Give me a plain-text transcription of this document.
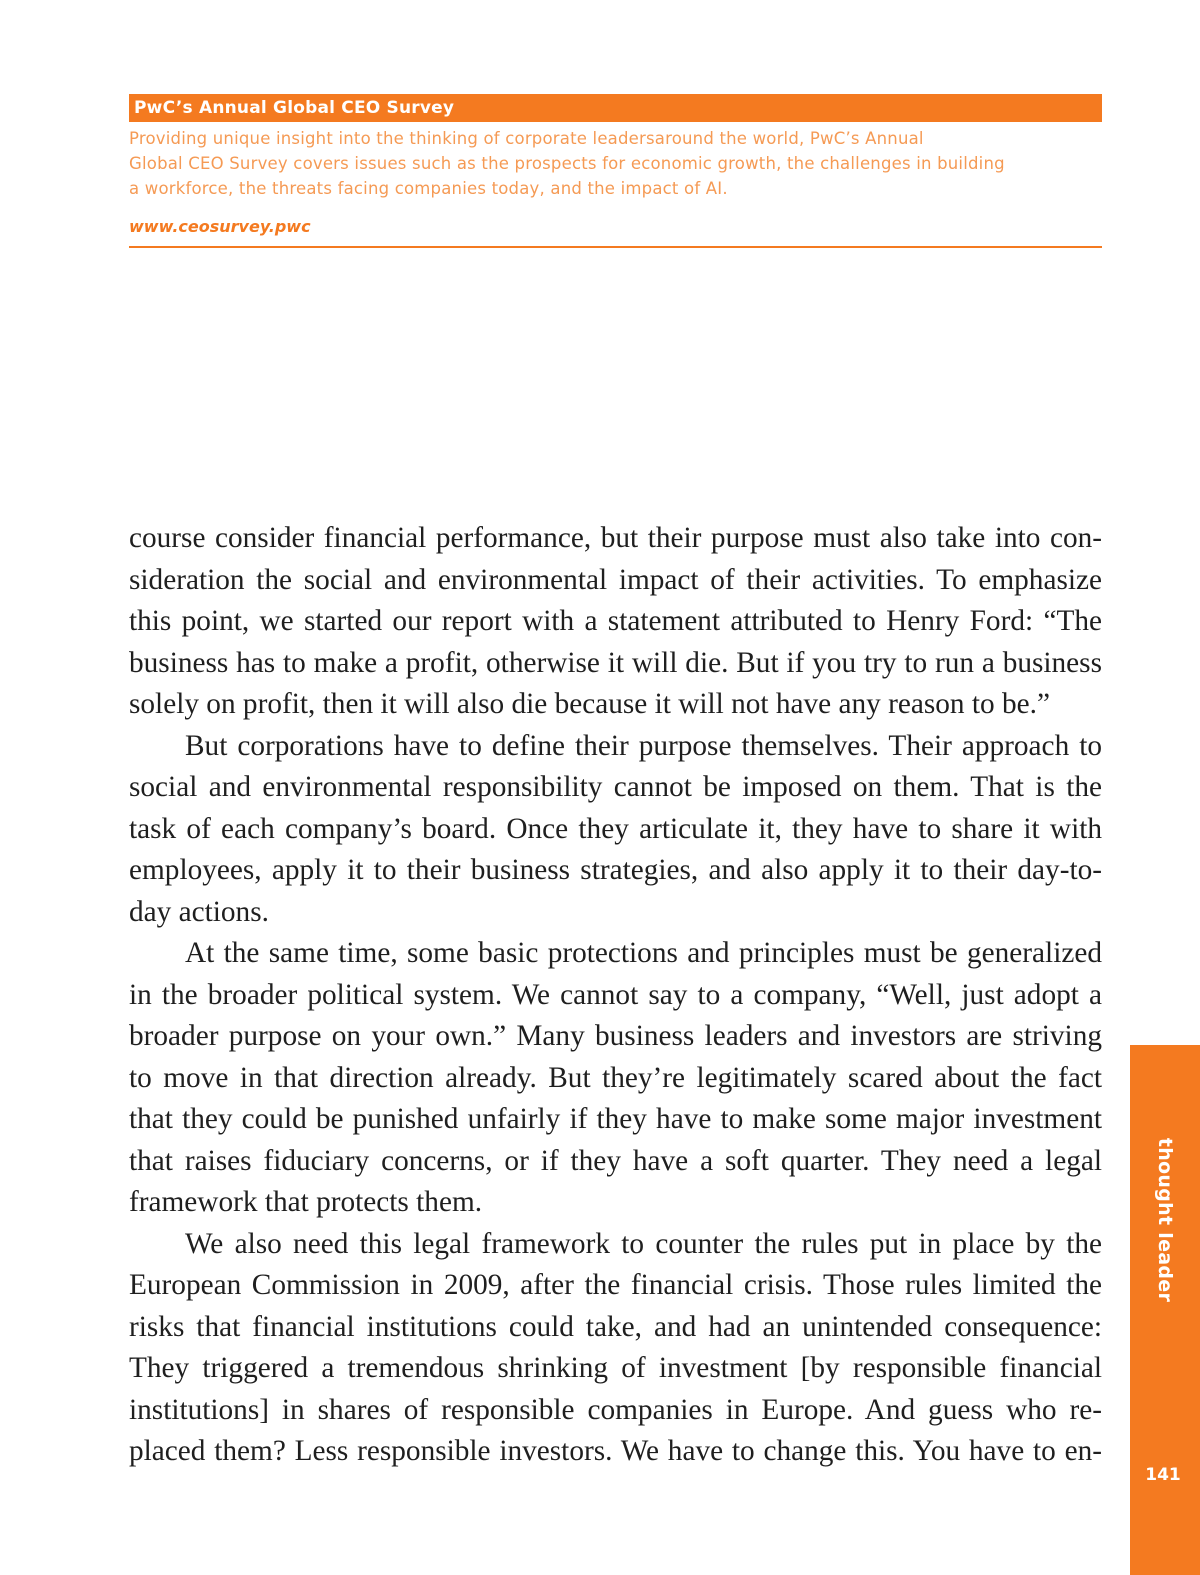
PwC’s Annual Global CEO Survey
Providing unique insight into the thinking of corporate leadersaround the world, PwC’s Annual
Global CEO Survey covers issues such as the prospects for economic growth, the challenges in building
a workforce, the threats facing companies today, and the impact of AI.
www.ceosurvey.pwc
course consider financial performance, but their purpose must also take into con-
sideration the social and environmental impact of their activities. To emphasize
this point, we started our report with a statement attributed to Henry Ford: “The
business has to make a profit, otherwise it will die. But if you try to run a business
solely on profit, then it will also die because it will not have any reason to be.”
But corporations have to define their purpose themselves. Their approach to
social and environmental responsibility cannot be imposed on them. That is the
task of each company’s board. Once they articulate it, they have to share it with
employees, apply it to their business strategies, and also apply it to their day-to-
day actions.
At the same time, some basic protections and principles must be generalized
in the broader political system. We cannot say to a company, “Well, just adopt a
broader purpose on your own.” Many business leaders and investors are striving
to move in that direction already. But they’re legitimately scared about the fact
that they could be punished unfairly if they have to make some major investment
that raises fiduciary concerns, or if they have a soft quarter. They need a legal
framework that protects them.
We also need this legal framework to counter the rules put in place by the
European Commission in 2009, after the financial crisis. Those rules limited the
risks that financial institutions could take, and had an unintended consequence:
They triggered a tremendous shrinking of investment [by responsible financial
institutions] in shares of responsible companies in Europe. And guess who re-
placed them? Less responsible investors. We have to change this. You have to en-
thought leader
141
